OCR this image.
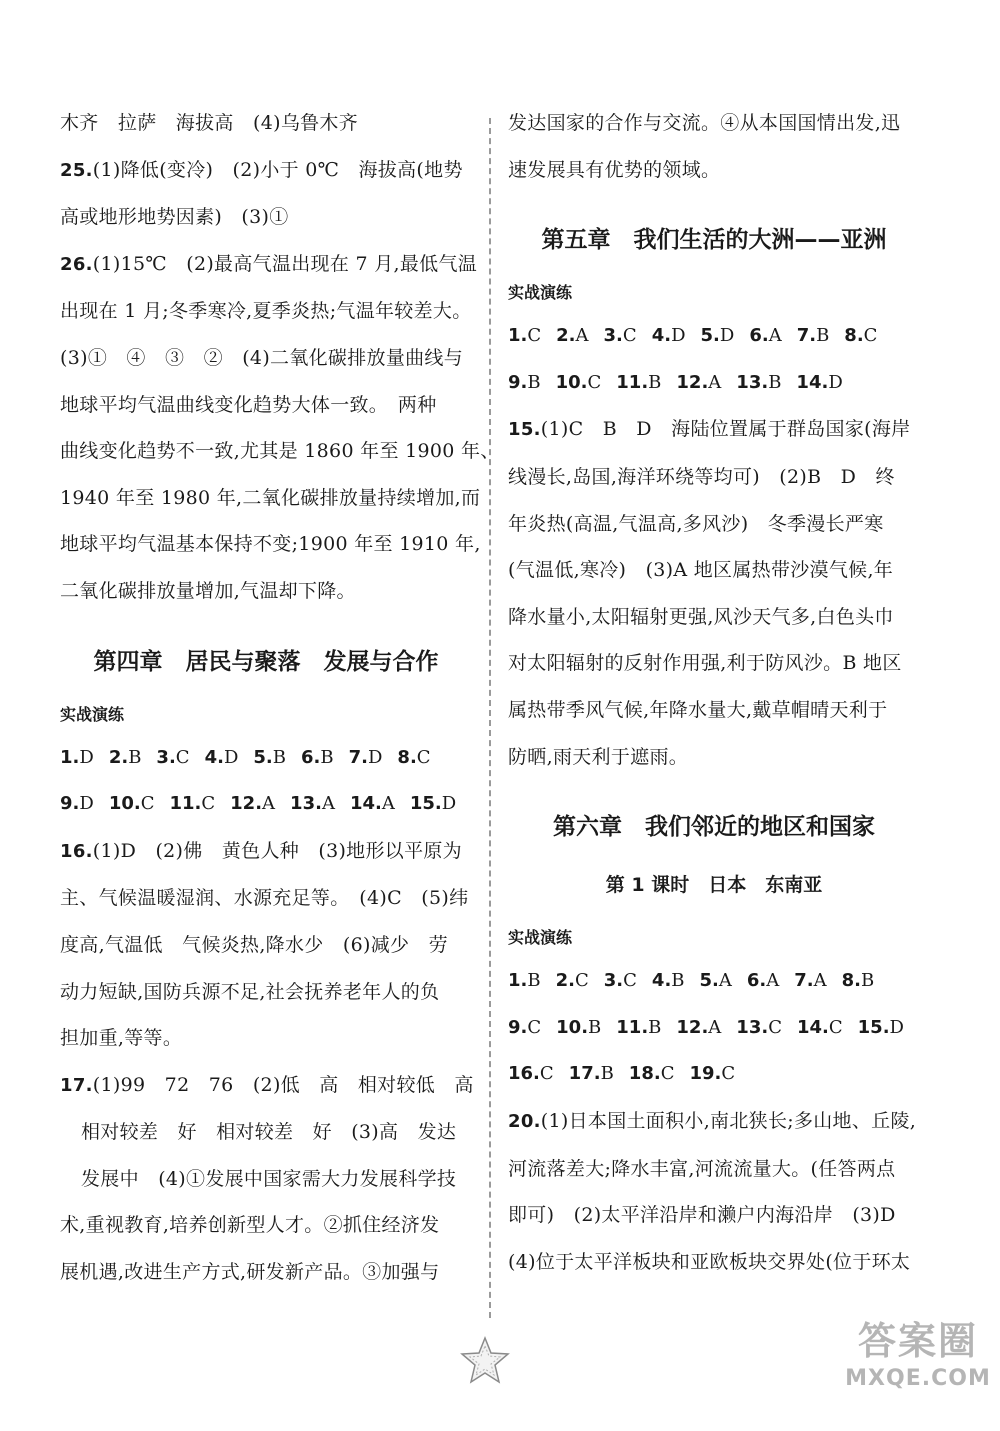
木齐　拉萨　海拔高　(4)乌鲁木齐
25.(1)降低(变冷)　(2)小于 0℃　海拔高(地势
高或地形地势因素)　(3)①
26.(1)15℃　(2)最高气温出现在 7 月,最低气温
出现在 1 月;冬季寒冷,夏季炎热;气温年较差大。
(3)①　④　③　②　(4)二氧化碳排放量曲线与
地球平均气温曲线变化趋势大体一致。　两种
曲线变化趋势不一致,尤其是 1860 年至 1900 年、
1940 年至 1980 年,二氧化碳排放量持续增加,而
地球平均气温基本保持不变;1900 年至 1910 年,
二氧化碳排放量增加,气温却下降。
第四章　居民与聚落　发展与合作
实战演练
1.D 2.B 3.C 4.D 5.B 6.B 7.D 8.C
9.D 10.C 11.C 12.A 13.A 14.A 15.D
16.(1)D　(2)佛　黄色人种　(3)地形以平原为
主、气候温暖湿润、水源充足等。　(4)C　(5)纬
度高,气温低　气候炎热,降水少　(6)减少　劳
动力短缺,国防兵源不足,社会抚养老年人的负
担加重,等等。
17.(1)99　72　76　(2)低　高　相对较低　高
相对较差　好　相对较差　好　(3)高　发达
发展中　(4)①发展中国家需大力发展科学技
术,重视教育,培养创新型人才。②抓住经济发
展机遇,改进生产方式,研发新产品。③加强与
发达国家的合作与交流。④从本国国情出发,迅
速发展具有优势的领域。
第五章　我们生活的大洲——亚洲
实战演练
1.C 2.A 3.C 4.D 5.D 6.A 7.B 8.C
9.B 10.C 11.B 12.A 13.B 14.D
15.(1)C　B　D　海陆位置属于群岛国家(海岸
线漫长,岛国,海洋环绕等均可)　(2)B　D　终
年炎热(高温,气温高,多风沙)　冬季漫长严寒
(气温低,寒冷)　(3)A 地区属热带沙漠气候,年
降水量小,太阳辐射更强,风沙天气多,白色头巾
对太阳辐射的反射作用强,利于防风沙。B 地区
属热带季风气候,年降水量大,戴草帽晴天利于
防晒,雨天利于遮雨。
第六章　我们邻近的地区和国家
第 1 课时　日本　东南亚
实战演练
1.B 2.C 3.C 4.B 5.A 6.A 7.A 8.B
9.C 10.B 11.B 12.A 13.C 14.C 15.D
16.C 17.B 18.C 19.C
20.(1)日本国土面积小,南北狭长;多山地、丘陵,
河流落差大;降水丰富,河流流量大。(任答两点
即可)　(2)太平洋沿岸和濑户内海沿岸　(3)D
(4)位于太平洋板块和亚欧板块交界处(位于环太
答案圈
MXQE.COM
